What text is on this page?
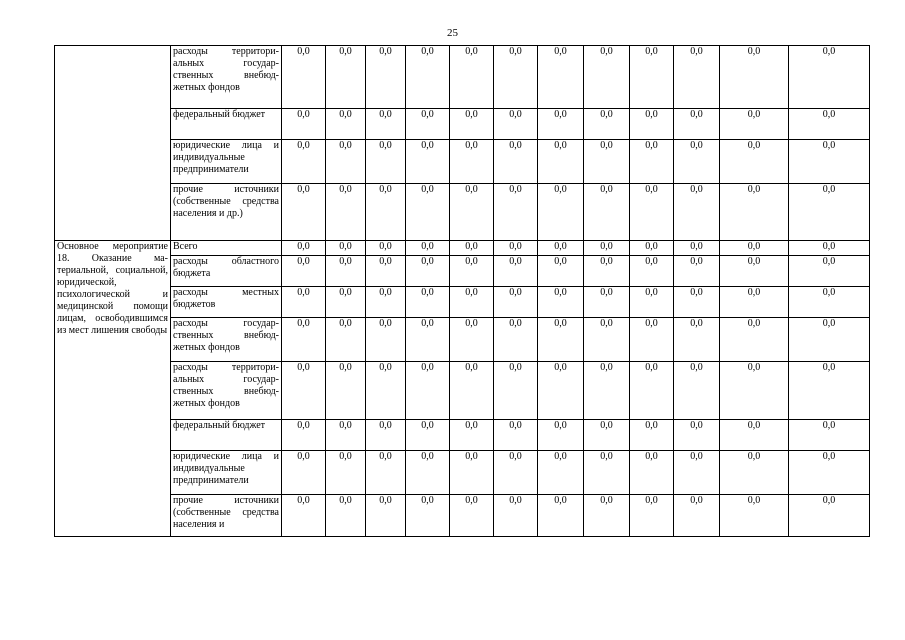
25
	расходы территориальных государственных внебюджетных фондов	0,0	0,0	0,0	0,0	0,0	0,0	0,0	0,0	0,0	0,0	0,0	0,0
	федеральный бюджет	0,0	0,0	0,0	0,0	0,0	0,0	0,0	0,0	0,0	0,0	0,0	0,0
	юридические лица и индивидуальные предприниматели	0,0	0,0	0,0	0,0	0,0	0,0	0,0	0,0	0,0	0,0	0,0	0,0
	прочие источники (собственные средства населения и др.)	0,0	0,0	0,0	0,0	0,0	0,0	0,0	0,0	0,0	0,0	0,0	0,0
Основное мероприятие 18. Оказание материальной, социальной, юридической, психологической и медицинской помощи лицам, освободившимся из мест лишения свободы	Всего	0,0	0,0	0,0	0,0	0,0	0,0	0,0	0,0	0,0	0,0	0,0	0,0
	расходы областного бюджета	0,0	0,0	0,0	0,0	0,0	0,0	0,0	0,0	0,0	0,0	0,0	0,0
	расходы местных бюджетов	0,0	0,0	0,0	0,0	0,0	0,0	0,0	0,0	0,0	0,0	0,0	0,0
	расходы государственных внебюджетных фондов	0,0	0,0	0,0	0,0	0,0	0,0	0,0	0,0	0,0	0,0	0,0	0,0
	расходы территориальных государственных внебюджетных фондов	0,0	0,0	0,0	0,0	0,0	0,0	0,0	0,0	0,0	0,0	0,0	0,0
	федеральный бюджет	0,0	0,0	0,0	0,0	0,0	0,0	0,0	0,0	0,0	0,0	0,0	0,0
	юридические лица и индивидуальные предприниматели	0,0	0,0	0,0	0,0	0,0	0,0	0,0	0,0	0,0	0,0	0,0	0,0
	прочие источники (собственные средства населения и	0,0	0,0	0,0	0,0	0,0	0,0	0,0	0,0	0,0	0,0	0,0	0,0
